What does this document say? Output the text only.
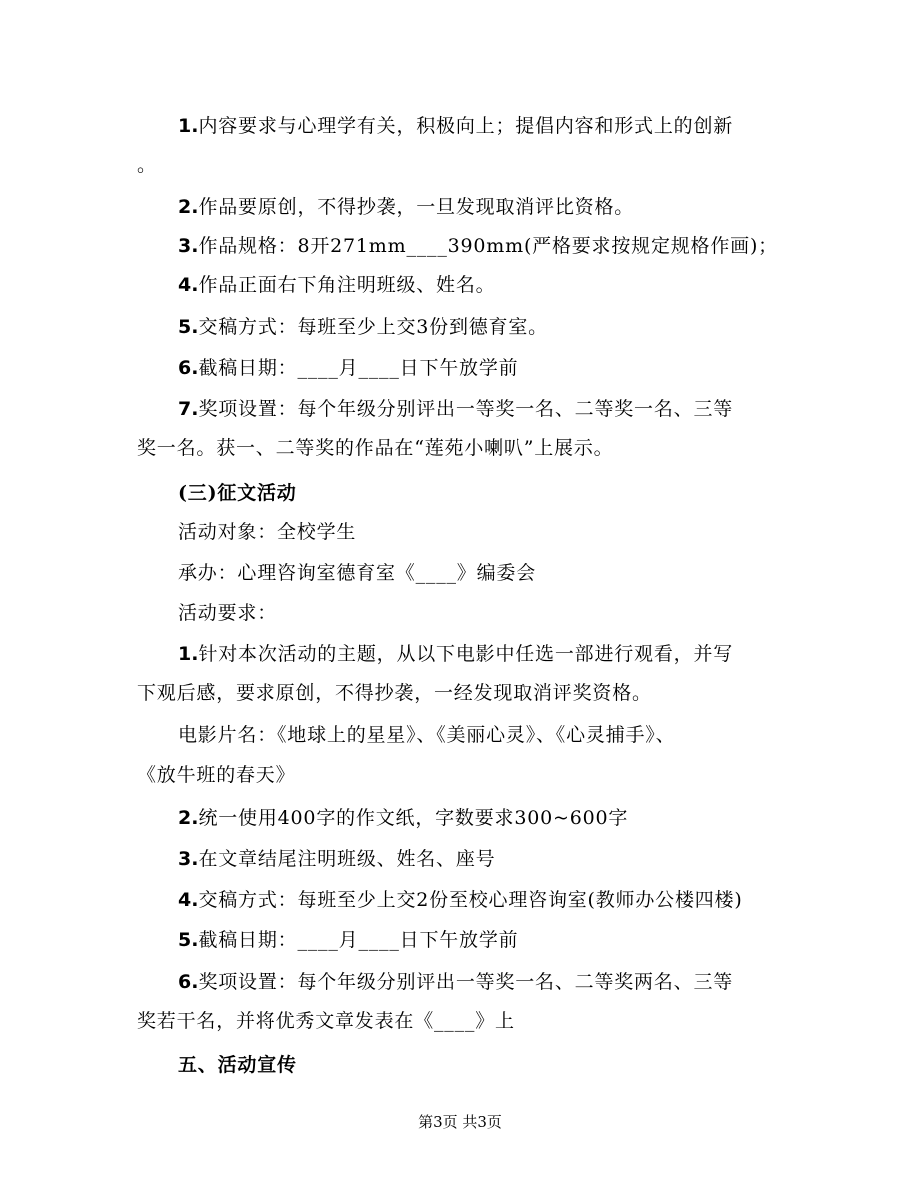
1.内容要求与心理学有关，积极向上；提倡内容和形式上的创新

。

2.作品要原创，不得抄袭，一旦发现取消评比资格。

3.作品规格：8开271mm____390mm(严格要求按规定规格作画)；

4.作品正面右下角注明班级、姓名。

5.交稿方式：每班至少上交3份到德育室。

6.截稿日期：____月____日下午放学前

7.奖项设置：每个年级分别评出一等奖一名、二等奖一名、三等

奖一名。获一、二等奖的作品在“莲苑小喇叭”上展示。

(三)征文活动

活动对象：全校学生

承办：心理咨询室德育室《____》编委会

活动要求：

1.针对本次活动的主题，从以下电影中任选一部进行观看，并写

下观后感，要求原创，不得抄袭，一经发现取消评奖资格。

电影片名：《地球上的星星》、《美丽心灵》、《心灵捕手》、

《放牛班的春天》

2.统一使用400字的作文纸，字数要求300~600字

3.在文章结尾注明班级、姓名、座号

4.交稿方式：每班至少上交2份至校心理咨询室(教师办公楼四楼)

5.截稿日期：____月____日下午放学前

6.奖项设置：每个年级分别评出一等奖一名、二等奖两名、三等

奖若干名，并将优秀文章发表在《____》上

五、活动宣传

第3页 共3页
